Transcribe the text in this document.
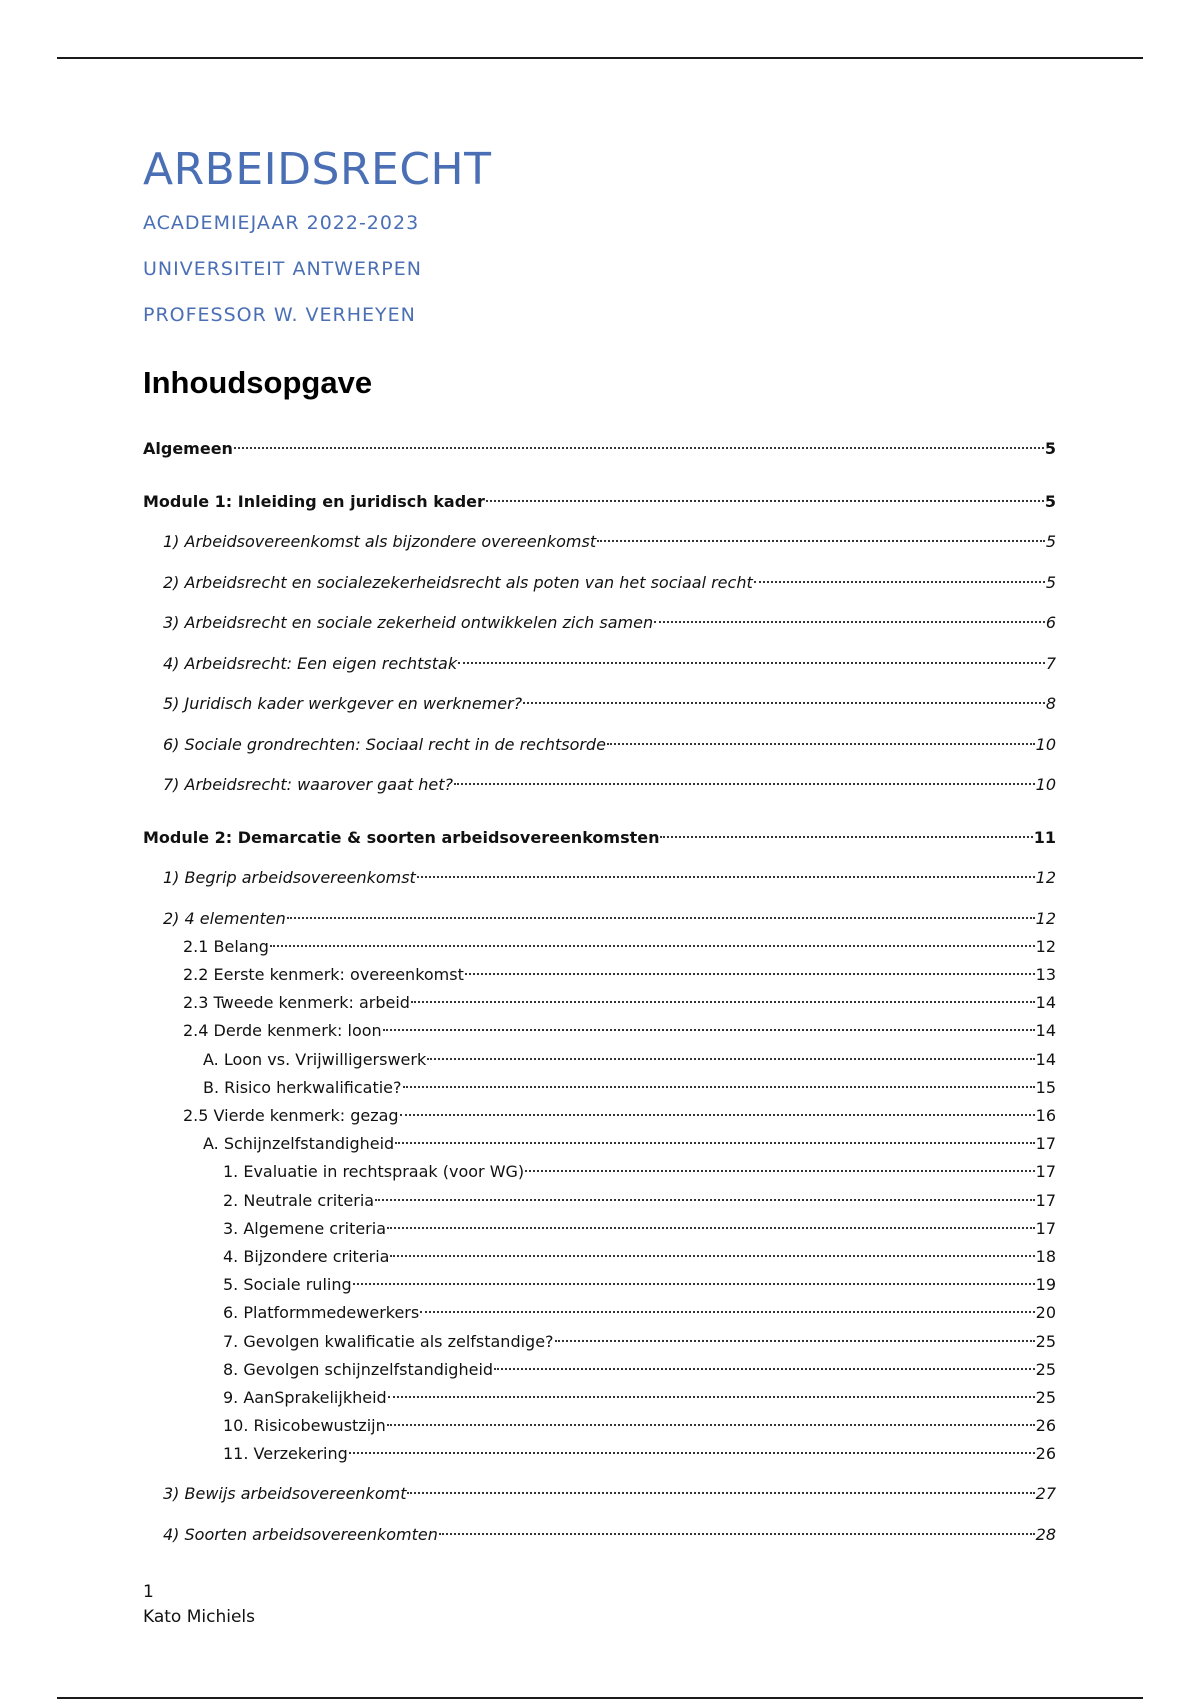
ARBEIDSRECHT
ACADEMIEJAAR 2022-2023
UNIVERSITEIT ANTWERPEN
PROFESSOR W. VERHEYEN
Inhoudsopgave
Algemeen	5
Module 1: Inleiding en juridisch kader	5
1) Arbeidsovereenkomst als bijzondere overeenkomst	5
2) Arbeidsrecht en socialezekerheidsrecht als poten van het sociaal recht	5
3) Arbeidsrecht en sociale zekerheid ontwikkelen zich samen	6
4) Arbeidsrecht: Een eigen rechtstak	7
5) Juridisch kader werkgever en werknemer?	8
6) Sociale grondrechten: Sociaal recht in de rechtsorde	10
7) Arbeidsrecht: waarover gaat het?	10
Module 2: Demarcatie & soorten arbeidsovereenkomsten	11
1) Begrip arbeidsovereenkomst	12
2) 4 elementen	12
2.1 Belang	12
2.2 Eerste kenmerk: overeenkomst	13
2.3 Tweede kenmerk: arbeid	14
2.4 Derde kenmerk: loon	14
A. Loon vs. Vrijwilligerswerk	14
B. Risico herkwalificatie?	15
2.5 Vierde kenmerk: gezag	16
A. Schijnzelfstandigheid	17
1. Evaluatie in rechtspraak (voor WG)	17
2. Neutrale criteria	17
3. Algemene criteria	17
4. Bijzondere criteria	18
5. Sociale ruling	19
6. Platformmedewerkers	20
7. Gevolgen kwalificatie als zelfstandige?	25
8. Gevolgen schijnzelfstandigheid	25
9. AanSprakelijkheid	25
10. Risicobewustzijn	26
11. Verzekering	26
3) Bewijs arbeidsovereenkomt	27
4) Soorten arbeidsovereenkomten	28
1
Kato Michiels
